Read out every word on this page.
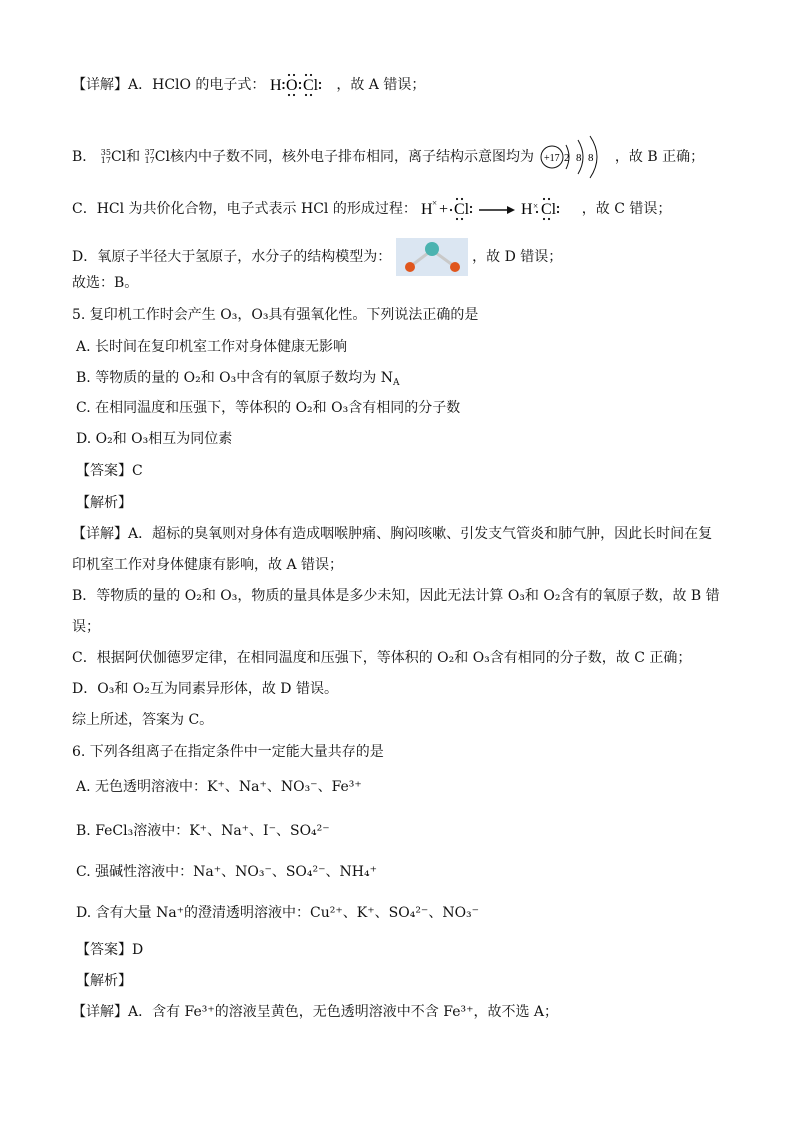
【详解】A．HClO 的电子式： H O Cl ，故 A 错误；
B． 35
17 Cl和 37
17 Cl核内中子数不同，核外电子排布相同，离子结构示意图均为 +17 2 8 8 ，故 B 正确；
C．HCl 为共价化合物，电子式表示 HCl 的形成过程： H × + Cl	H × Cl ，故 C 错误；
D．氧原子半径大于氢原子，水分子的结构模型为：	，故 D 错误；
故选：B。
5. 复印机工作时会产生 O₃，O₃具有强氧化性。下列说法正确的是
A. 长时间在复印机室工作对身体健康无影响
B. 等物质的量的 O₂和 O₃中含有的氧原子数均为 $N_A$
C. 在相同温度和压强下，等体积的 O₂和 O₃含有相同的分子数
D. O₂和 O₃相互为同位素
【答案】C
【解析】
【详解】A．超标的臭氧则对身体有造成咽喉肿痛、胸闷咳嗽、引发支气管炎和肺气肿，因此长时间在复
印机室工作对身体健康有影响，故 A 错误；
B．等物质的量的 O₂和 O₃，物质的量具体是多少未知，因此无法计算 O₃和 O₂含有的氧原子数，故 B 错
误；
C．根据阿伏伽德罗定律，在相同温度和压强下，等体积的 O₂和 O₃含有相同的分子数，故 C 正确；
D．O₃和 O₂互为同素异形体，故 D 错误。
综上所述，答案为 C。
6. 下列各组离子在指定条件中一定能大量共存的是
A. 无色透明溶液中：K⁺、Na⁺、NO₃⁻、Fe³⁺
B. FeCl₃溶液中：K⁺、Na⁺、I⁻、SO₄²⁻
C. 强碱性溶液中：Na⁺、NO₃⁻、SO₄²⁻、NH₄⁺
D. 含有大量 Na⁺的澄清透明溶液中：Cu²⁺、K⁺、SO₄²⁻、NO₃⁻
【答案】D
【解析】
【详解】A．含有 Fe³⁺的溶液呈黄色，无色透明溶液中不含 Fe³⁺，故不选 A；
